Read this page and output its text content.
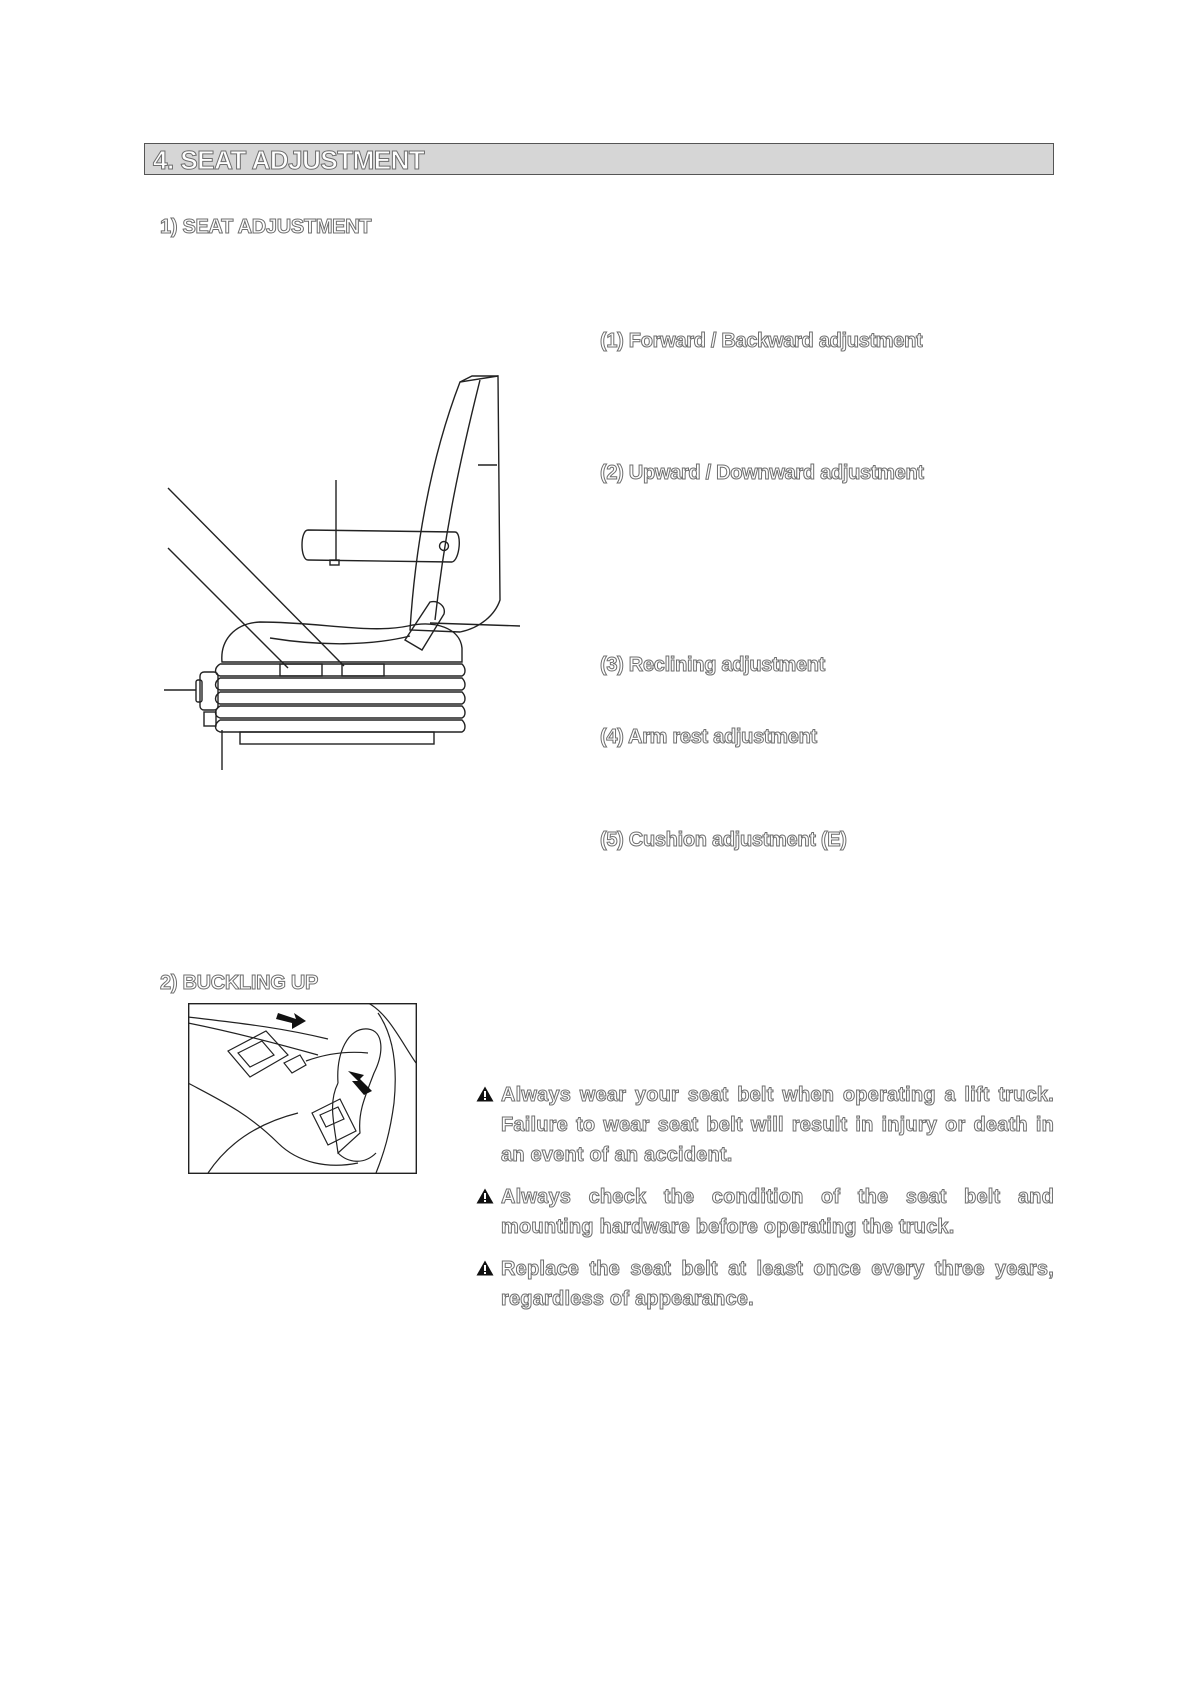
4. SEAT ADJUSTMENT
1) SEAT ADJUSTMENT
(1) Forward / Backward adjustment
(2) Upward / Downward adjustment
(3) Reclining adjustment
(4) Arm rest adjustment
(5) Cushion adjustment (E)
2) BUCKLING UP
Always wear your seat belt when operating a lift truck. Failure to wear seat belt will result in injury or death in an event of an accident.
Always check the condition of the seat belt and mounting hardware before operating the truck.
Replace the seat belt at least once every three years, regardless of appearance.
